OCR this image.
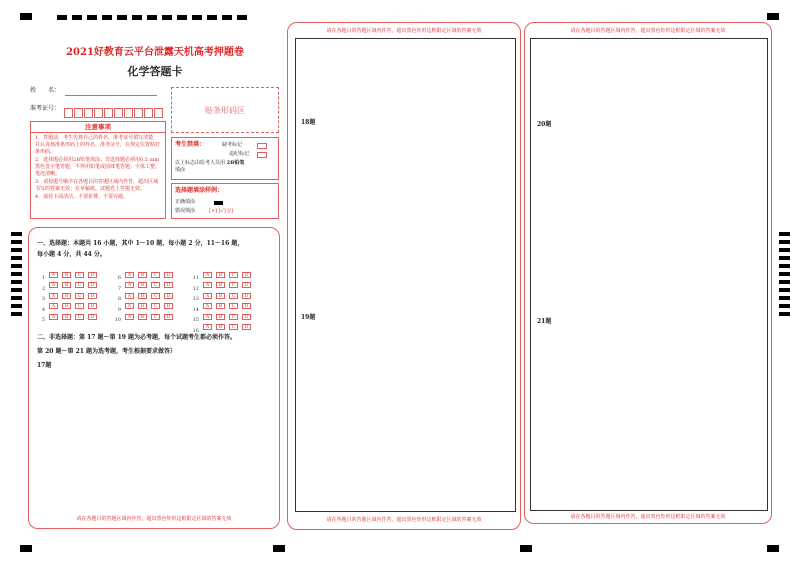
2021好教育云平台泄露天机高考押题卷
化学答题卡
姓　　名：
准考证号：	贴条形码区
注意事项
1．答题前，考生先将自己的姓名、准考证号填写清楚，并认真核准条形码上的姓名、准考证号，在规定位置贴好条形码。
2．选择题必须用2B铅笔填涂；非选择题必须用0.5 mm黑色签字笔答题，不得用铅笔或圆珠笔答题；字体工整、笔迹清晰。
3．请按题号顺序在各题目的答题区域内作答，超出区域书写的答案无效；在草稿纸、试题卷上答题无效。
4．保持卡面清洁，不要折叠、不要弄破。
考生禁填：	缺考标记
违纪标记
以上标志由监考人员用 2B铅笔
填涂
选择题填涂样例：
正确填涂
错误填涂	[×] [√] [/]
一、选择题：本题共 16 小题，其中 1～10 题，每小题 2 分，11～16 题，
每小题 4 分，共 44 分。
1 A B C D
2 A B C D
3 A B C D
4 A B C D
5 A B C D
6 A B C D
7 A B C D
8 A B C D
9 A B C D
10 A B C D
11 A B C D
12 A B C D
13 A B C D
14 A B C D
15 A B C D
16 A B C D
二、非选择题：第 17 题～第 19 题为必考题，每个试题考生都必须作答。
第 20 题～第 21 题为选考题，考生根据要求做答）
17题
请在各题目的答题区域内作答，超出黑色矩形边框限定区域的答案无效
请在各题目的答题区域内作答，超出黑色矩形边框限定区域的答案无效
18题
19题
请在各题目的答题区域内作答，超出黑色矩形边框限定区域的答案无效
请在各题目的答题区域内作答，超出黑色矩形边框限定区域的答案无效
20题
21题
请在各题目的答题区域内作答，超出黑色矩形边框限定区域的答案无效
